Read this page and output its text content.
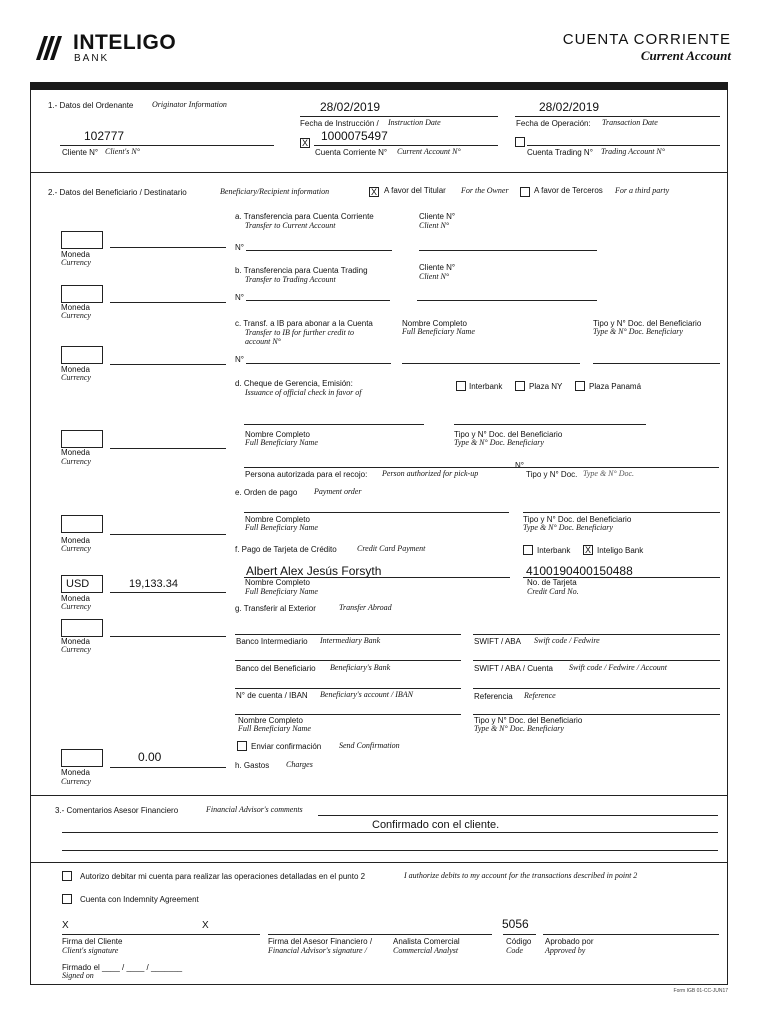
INTELIGO
BANK
CUENTA CORRIENTE
Current Account
1.- Datos del Ordenante Originator Information	28/02/2019
Fecha de Instrucción / Instruction Date
28/02/2019
Fecha de Operación: Transaction Date
102777
Cliente N° Client's N°
X 1000075497
Cuenta Corriente N° Current Account N°	Cuenta Trading N° Trading Account N°
2.- Datos del Beneficiario / Destinatario	Beneficiary/Recipient information	X A favor del Titular For the Owner	A favor de Terceros For a third party
a. Transferencia para Cuenta Corriente
Transfer to Current Account
Cliente N°
Client N°
Moneda
Currency
N°
b. Transferencia para Cuenta Trading
Transfer to Trading Account
Cliente N°
Client N°
Moneda
Currency
N°
c. Transf. a IB para abonar a la Cuenta
Transfer to IB for further credit to
account N°
Nombre Completo
Full Beneficiary Name
Tipo y N° Doc. del Beneficiario
Type & N° Doc. Beneficiary
Moneda
Currency
N°
d. Cheque de Gerencia, Emisión:
Issuance of official check in favor of
Interbank	Plaza NY	Plaza Panamá
Nombre Completo
Full Beneficiary Name
Tipo y N° Doc. del Beneficiario
Type & N° Doc. Beneficiary
Moneda
Currency	N°
Persona autorizada para el recojo: Person authorized for pick-up	Tipo y N° Doc. Type & N° Doc.
e. Orden de pago Payment order
Nombre Completo
Full Beneficiary Name
Tipo y N° Doc. del Beneficiario
Type & N° Doc. Beneficiary
Moneda
Currency	f. Pago de Tarjeta de Crédito	Credit Card Payment	Interbank X Inteligo Bank
USD	19,133.34
Moneda
Currency
Albert Alex Jesús Forsyth
Nombre Completo
Full Beneficiary Name
4100190400150488
No. de Tarjeta
Credit Card No.
g. Transferir al Exterior	Transfer Abroad
Moneda
Currency
Banco Intermediario Intermediary Bank	SWIFT / ABA Swift code / Fedwire
Banco del Beneficiario Beneficiary's Bank	SWIFT / ABA / Cuenta Swift code / Fedwire / Account
N° de cuenta / IBAN Beneficiary's account / IBAN	Referencia Reference
Nombre Completo
Full Beneficiary Name
Tipo y N° Doc. del Beneficiario
Type & N° Doc. Beneficiary
Enviar confirmación Send Confirmation
0.00
Moneda
Currency
h. Gastos Charges
3.- Comentarios Asesor Financiero	Financial Advisor's comments
Confirmado con el cliente.
Autorizo debitar mi cuenta para realizar las operaciones detalladas en el punto 2	I authorize debits to my account for the transactions described in point 2
Cuenta con Indemnity Agreement
X	X	5056
Firma del Cliente
Client's signature
Firma del Asesor Financiero /
Financial Advisor's signature /
Analista Comercial
Commercial Analyst
Código
Code
Aprobado por
Approved by
Firmado el ____ / ____ / _______
Signed on
Form IGB 01-CC-JUN17
